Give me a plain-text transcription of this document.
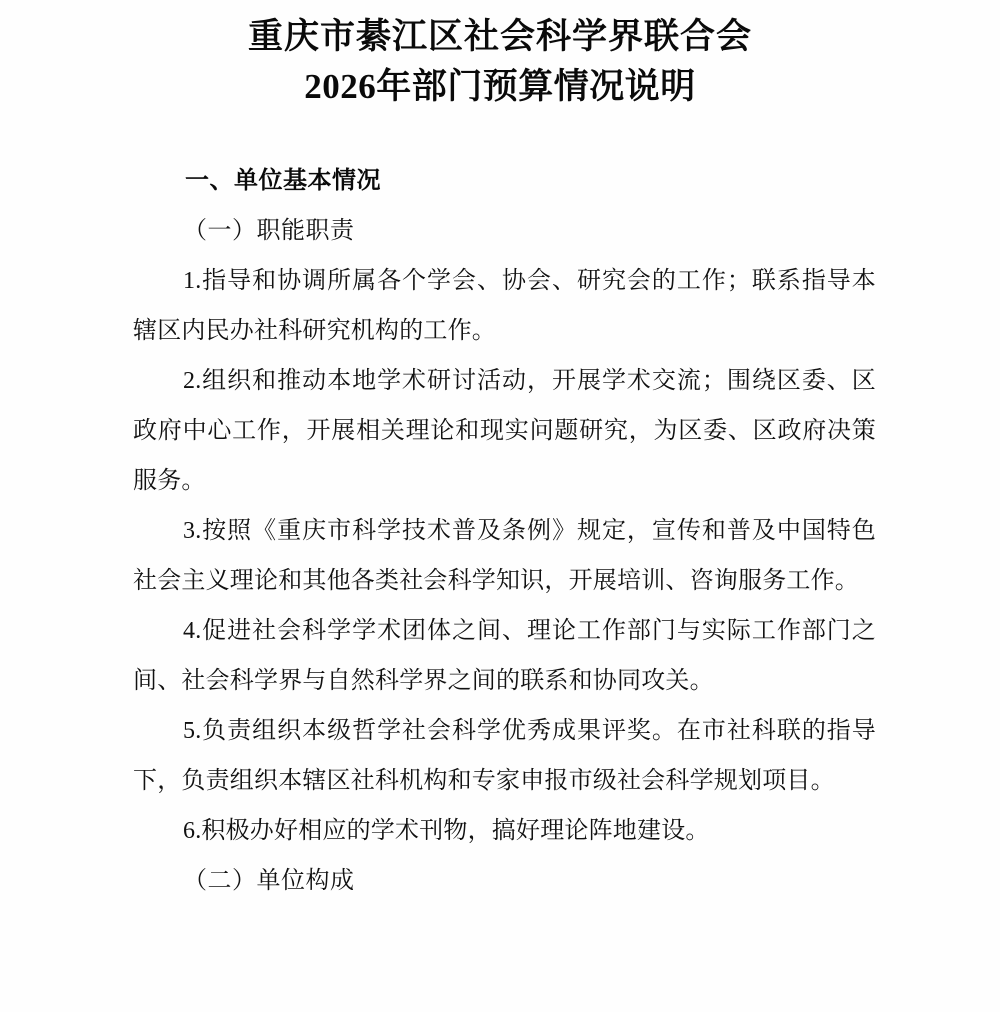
重庆市綦江区社会科学界联合会
2026年部门预算情况说明

一、单位基本情况

（一）职能职责

1.指导和协调所属各个学会、协会、研究会的工作；联系指导本辖区内民办社科研究机构的工作。

2.组织和推动本地学术研讨活动，开展学术交流；围绕区委、区政府中心工作，开展相关理论和现实问题研究，为区委、区政府决策服务。

3.按照《重庆市科学技术普及条例》规定，宣传和普及中国特色社会主义理论和其他各类社会科学知识，开展培训、咨询服务工作。

4.促进社会科学学术团体之间、理论工作部门与实际工作部门之间、社会科学界与自然科学界之间的联系和协同攻关。

5.负责组织本级哲学社会科学优秀成果评奖。在市社科联的指导下，负责组织本辖区社科机构和专家申报市级社会科学规划项目。

6.积极办好相应的学术刊物，搞好理论阵地建设。

（二）单位构成
